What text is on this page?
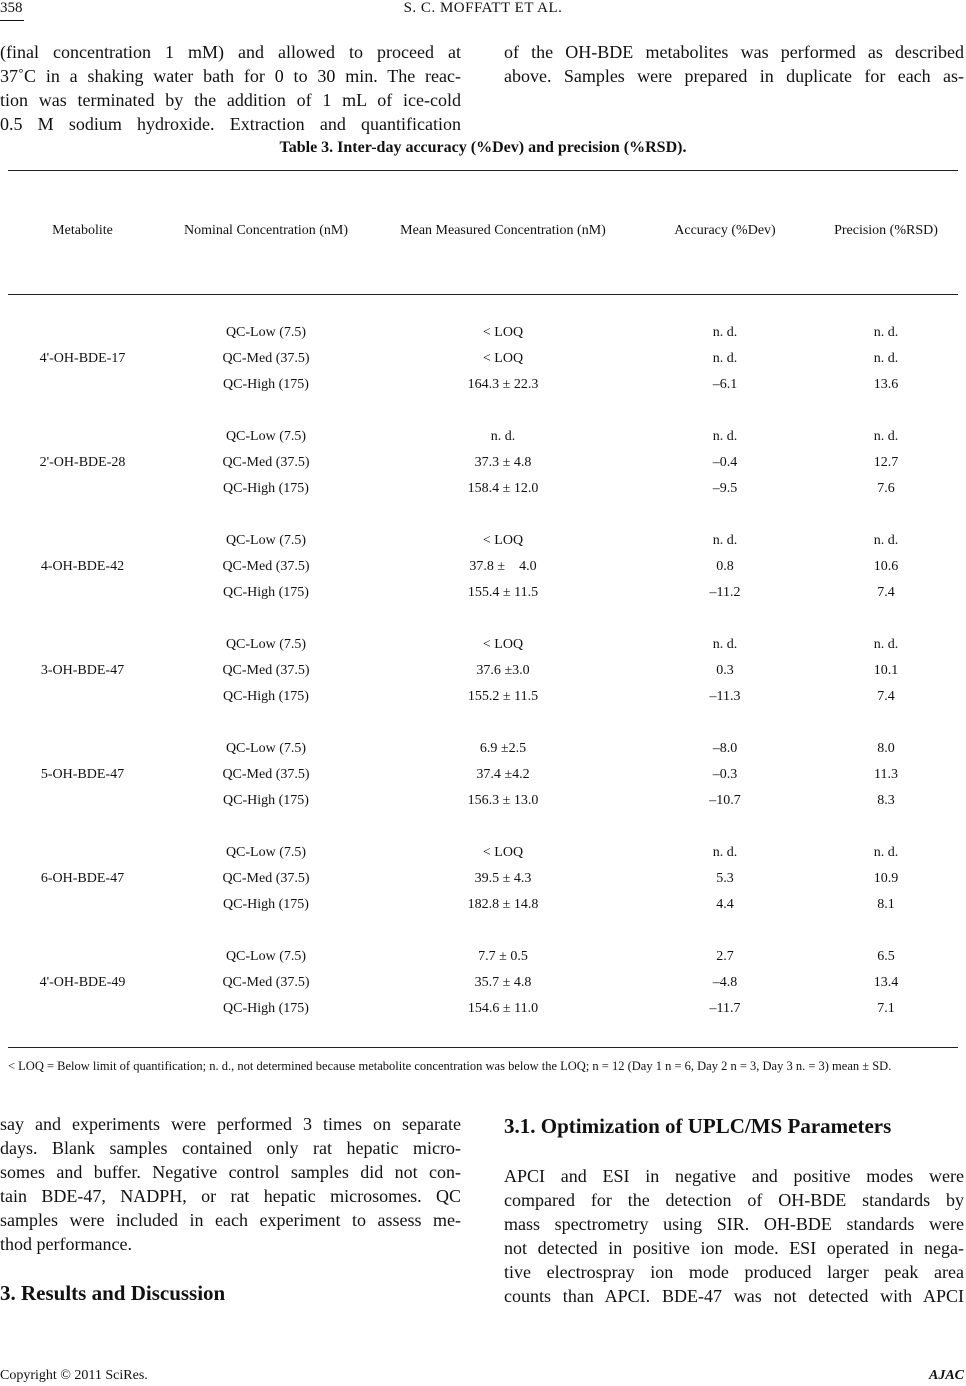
358	S. C. MOFFATT ET AL.

(final concentration 1 mM) and allowed to proceed at

37˚C in a shaking water bath for 0 to 30 min. The reac-

tion was terminated by the addition of 1 mL of ice-cold

0.5 M sodium hydroxide. Extraction and quantification

of the OH-BDE metabolites was performed as described

above. Samples were prepared in duplicate for each as-

Table 3. Inter-day accuracy (%Dev) and precision (%RSD).
Metabolite	Nominal Concentration (nM)	Mean Measured Concentration (nM)	Accuracy (%Dev)	Precision (%RSD)
4'-OH-BDE-17
QC-Low (7.5)	< LOQ	n. d.	n. d.
QC-Med (37.5)	< LOQ	n. d.	n. d.
QC-High (175)	164.3 ± 22.3	–6.1	13.6
2'-OH-BDE-28
QC-Low (7.5)	n. d.	n. d.	n. d.
QC-Med (37.5)	37.3 ± 4.8	–0.4	12.7
QC-High (175)	158.4 ± 12.0	–9.5	7.6
4-OH-BDE-42
QC-Low (7.5)	< LOQ	n. d.	n. d.
QC-Med (37.5)	37.8 ±    4.0	0.8	10.6
QC-High (175)	155.4 ± 11.5	–11.2	7.4
3-OH-BDE-47
QC-Low (7.5)	< LOQ	n. d.	n. d.
QC-Med (37.5)	37.6 ±3.0	0.3	10.1
QC-High (175)	155.2 ± 11.5	–11.3	7.4
5-OH-BDE-47
QC-Low (7.5)	6.9 ±2.5	–8.0	8.0
QC-Med (37.5)	37.4 ±4.2	–0.3	11.3
QC-High (175)	156.3 ± 13.0	–10.7	8.3
6-OH-BDE-47
QC-Low (7.5)	< LOQ	n. d.	n. d.
QC-Med (37.5)	39.5 ± 4.3	5.3	10.9
QC-High (175)	182.8 ± 14.8	4.4	8.1
4'-OH-BDE-49
QC-Low (7.5)	7.7 ± 0.5	2.7	6.5
QC-Med (37.5)	35.7 ± 4.8	–4.8	13.4
QC-High (175)	154.6 ± 11.0	–11.7	7.1
< LOQ = Below limit of quantification; n. d., not determined because metabolite concentration was below the LOQ; n = 12 (Day 1 n = 6, Day 2 n = 3, Day 3 n. = 3) mean ± SD.

say and experiments were performed 3 times on separate

days. Blank samples contained only rat hepatic micro-

somes and buffer. Negative control samples did not con-

tain BDE-47, NADPH, or rat hepatic microsomes. QC

samples were included in each experiment to assess me-

thod performance.

3. Results and Discussion
3.1. Optimization of UPLC/MS Parameters

APCI and ESI in negative and positive modes were

compared for the detection of OH-BDE standards by

mass spectrometry using SIR. OH-BDE standards were

not detected in positive ion mode. ESI operated in nega-

tive electrospray ion mode produced larger peak area

counts than APCI. BDE-47 was not detected with APCI

Copyright © 2011 SciRes.	AJAC
